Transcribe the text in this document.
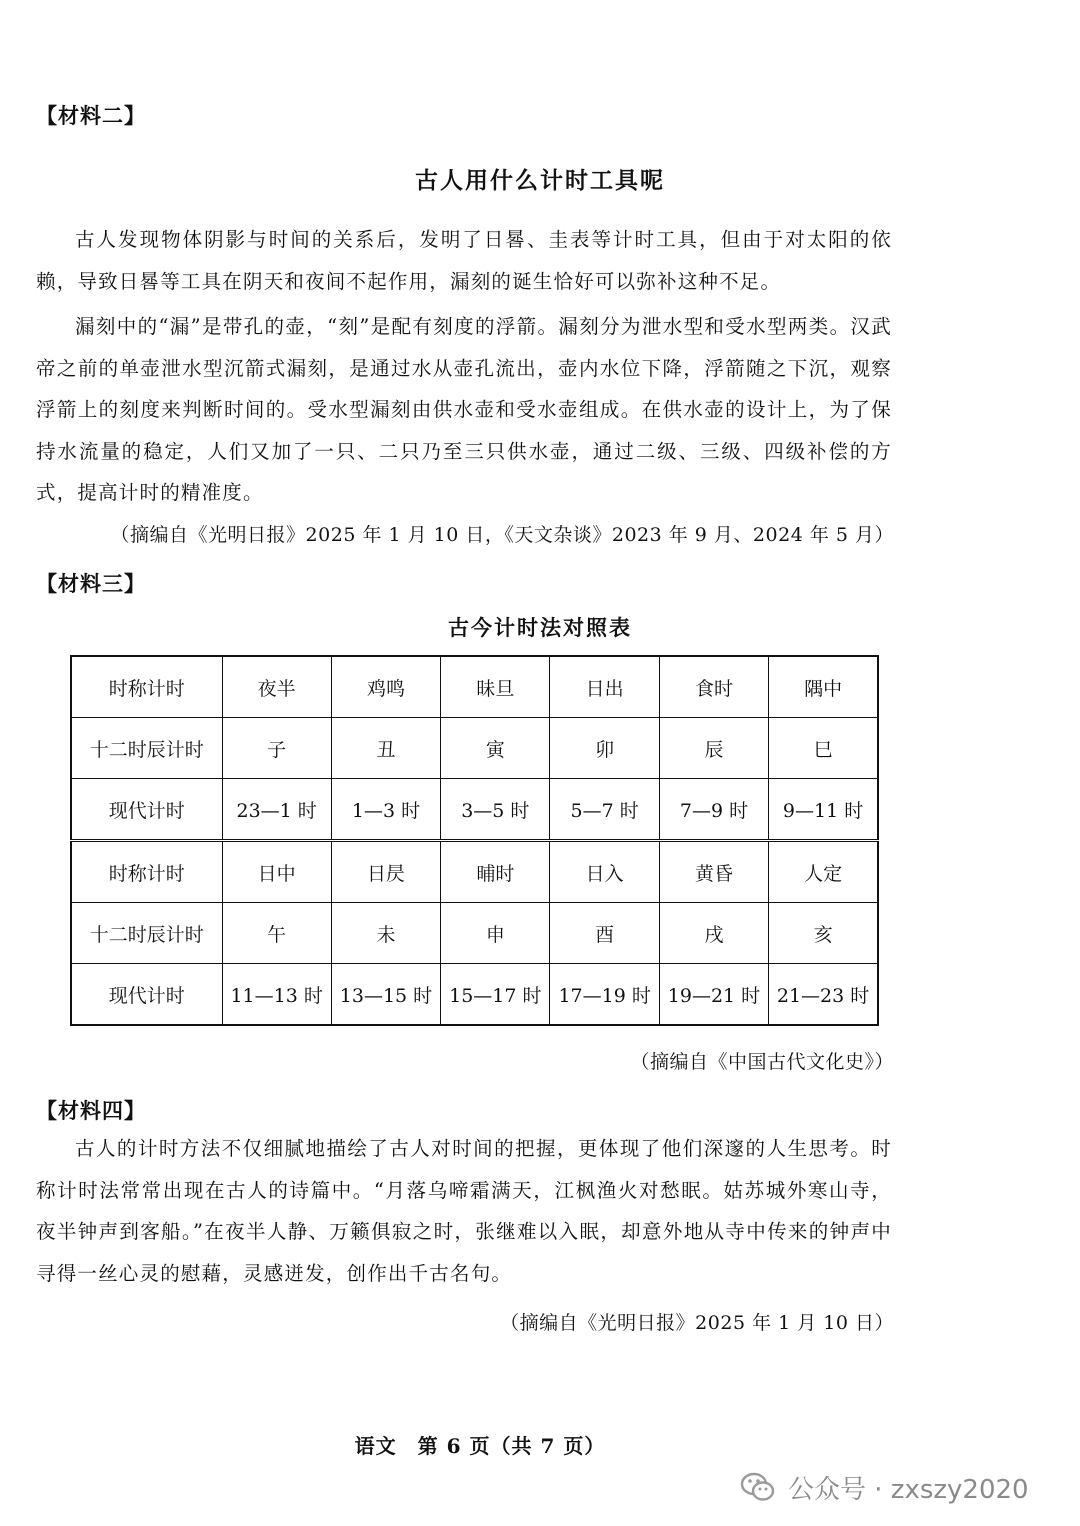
【材料二】
古人用什么计时工具呢
古人发现物体阴影与时间的关系后，发明了日晷、圭表等计时工具，但由于对太阳的依赖，导致日晷等工具在阴天和夜间不起作用，漏刻的诞生恰好可以弥补这种不足。
漏刻中的“漏”是带孔的壶，“刻”是配有刻度的浮箭。漏刻分为泄水型和受水型两类。汉武帝之前的单壶泄水型沉箭式漏刻，是通过水从壶孔流出，壶内水位下降，浮箭随之下沉，观察浮箭上的刻度来判断时间的。受水型漏刻由供水壶和受水壶组成。在供水壶的设计上，为了保持水流量的稳定，人们又加了一只、二只乃至三只供水壶，通过二级、三级、四级补偿的方式，提高计时的精准度。
（摘编自《光明日报》2025 年 1 月 10 日，《天文杂谈》2023 年 9 月、2024 年 5 月）
【材料三】
古今计时法对照表
时称计时	夜半	鸡鸣	昧旦	日出	食时	隅中
十二时辰计时	子	丑	寅	卯	辰	巳
现代计时	23—1 时	1—3 时	3—5 时	5—7 时	7—9 时	9—11 时
时称计时	日中	日昃	晡时	日入	黄昏	人定
十二时辰计时	午	未	申	酉	戌	亥
现代计时	11—13 时	13—15 时	15—17 时	17—19 时	19—21 时	21—23 时
（摘编自《中国古代文化史》）
【材料四】
古人的计时方法不仅细腻地描绘了古人对时间的把握，更体现了他们深邃的人生思考。时称计时法常常出现在古人的诗篇中。“月落乌啼霜满天，江枫渔火对愁眠。姑苏城外寒山寺，夜半钟声到客船。”在夜半人静、万籁俱寂之时，张继难以入眠，却意外地从寺中传来的钟声中寻得一丝心灵的慰藉，灵感迸发，创作出千古名句。
（摘编自《光明日报》2025 年 1 月 10 日）
语文　第 6 页（共 7 页）
公众号 · zxszy2020
